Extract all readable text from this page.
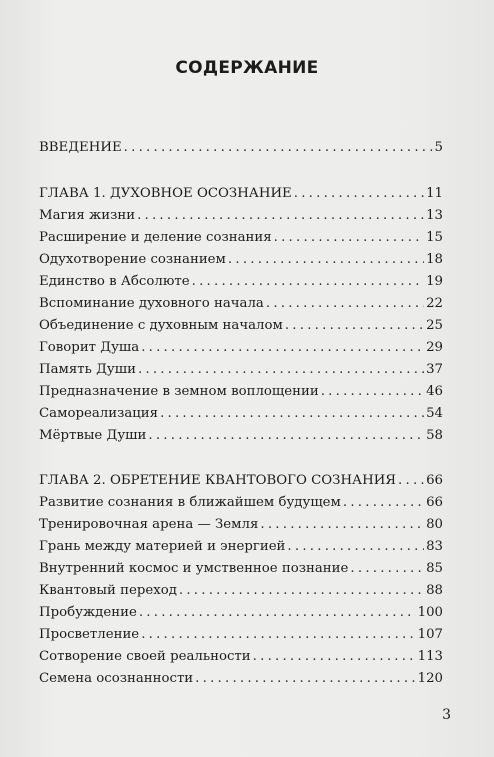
СОДЕРЖАНИЕ
ВВЕДЕНИЕ . . .	5
ГЛАВА 1. ДУХОВНОЕ ОСОЗНАНИЕ . . .	11
Магия жизни . . .	13
Расширение и деление сознания . . .	15
Одухотворение сознанием . . .	18
Единство в Абсолюте . . .	19
Вспоминание духовного начала . . .	22
Объединение с духовным началом . . .	25
Говорит Душа . . .	29
Память Души . . .	37
Предназначение в земном воплощении . . .	46
Самореализация . . .	54
Мёртвые Души . . .	58
ГЛАВА 2. ОБРЕТЕНИЕ КВАНТОВОГО СОЗНАНИЯ . . . 66
Развитие сознания в ближайшем будущем . . .	66
Тренировочная арена — Земля . . .	80
Грань между материей и энергией . . .	83
Внутренний космос и умственное познание . . .	85
Квантовый переход . . .	88
Пробуждение . . .	100
Просветление . . .	107
Сотворение своей реальности . . .	113
Семена осознанности . . .	120
3
